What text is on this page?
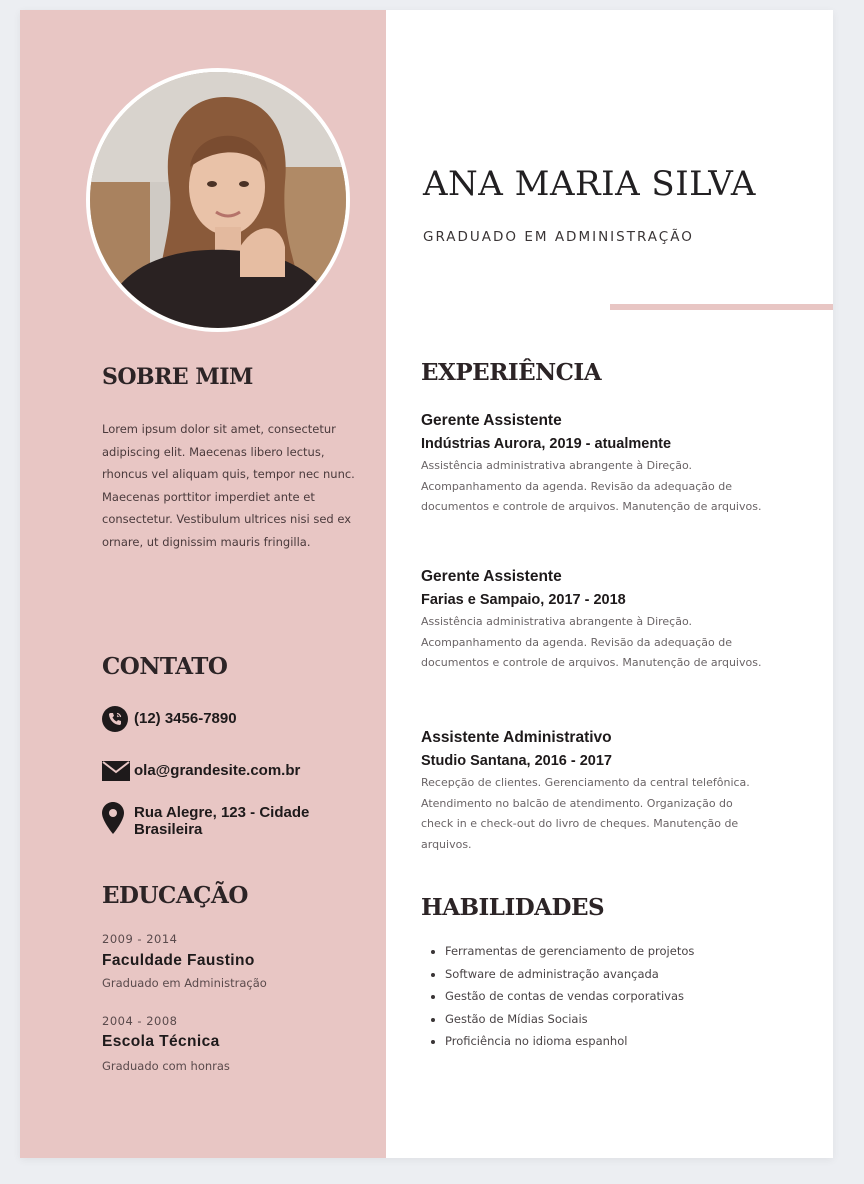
SOBRE MIM

Lorem ipsum dolor sit amet, consectetur adipiscing elit. Maecenas libero lectus, rhoncus vel aliquam quis, tempor nec nunc. Maecenas porttitor imperdiet ante et consectetur. Vestibulum ultrices nisi sed ex ornare, ut dignissim mauris fringilla.

CONTATO
(12) 3456-7890
ola@grandesite.com.br
Rua Alegre, 123 - Cidade
Brasileira
EDUCAÇÃO
2009 - 2014
Faculdade Faustino
Graduado em Administração
2004 - 2008
Escola Técnica
Graduado com honras
ANA MARIA SILVA
GRADUADO EM ADMINISTRAÇÃO
EXPERIÊNCIA
Gerente Assistente
Indústrias Aurora, 2019 - atualmente

Assistência administrativa abrangente à Direção. Acompanhamento da agenda. Revisão da adequação de documentos e controle de arquivos. Manutenção de arquivos.

Gerente Assistente
Farias e Sampaio, 2017 - 2018

Assistência administrativa abrangente à Direção. Acompanhamento da agenda. Revisão da adequação de documentos e controle de arquivos. Manutenção de arquivos.

Assistente Administrativo
Studio Santana, 2016 - 2017

Recepção de clientes. Gerenciamento da central telefônica. Atendimento no balcão de atendimento. Organização do check in e check-out do livro de cheques. Manutenção de arquivos.

HABILIDADES
• Ferramentas de gerenciamento de projetos
• Software de administração avançada
• Gestão de contas de vendas corporativas
• Gestão de Mídias Sociais
• Proficiência no idioma espanhol
